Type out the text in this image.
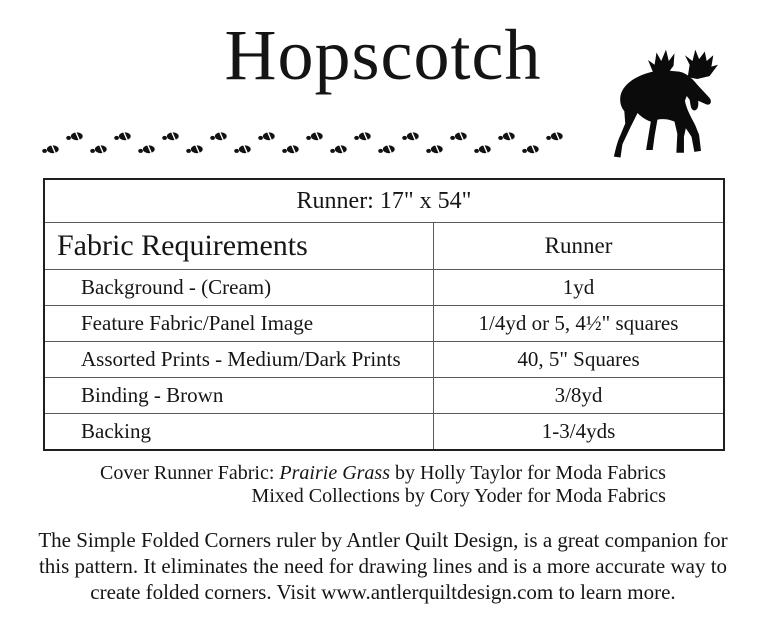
Hopscotch
Runner: 17" x 54"
Fabric Requirements	Runner
Background - (Cream)	1yd
Feature Fabric/Panel Image	1/4yd or 5, 4½" squares
Assorted Prints - Medium/Dark Prints	40, 5" Squares
Binding - Brown	3/8yd
Backing	1-3/4yds
Cover Runner Fabric: Prairie Grass by Holly Taylor for Moda Fabrics
Mixed Collections by Cory Yoder for Moda Fabrics
The Simple Folded Corners ruler by Antler Quilt Design, is a great companion for
this pattern. It eliminates the need for drawing lines and is a more accurate way to
create folded corners. Visit www.antlerquiltdesign.com to learn more.
